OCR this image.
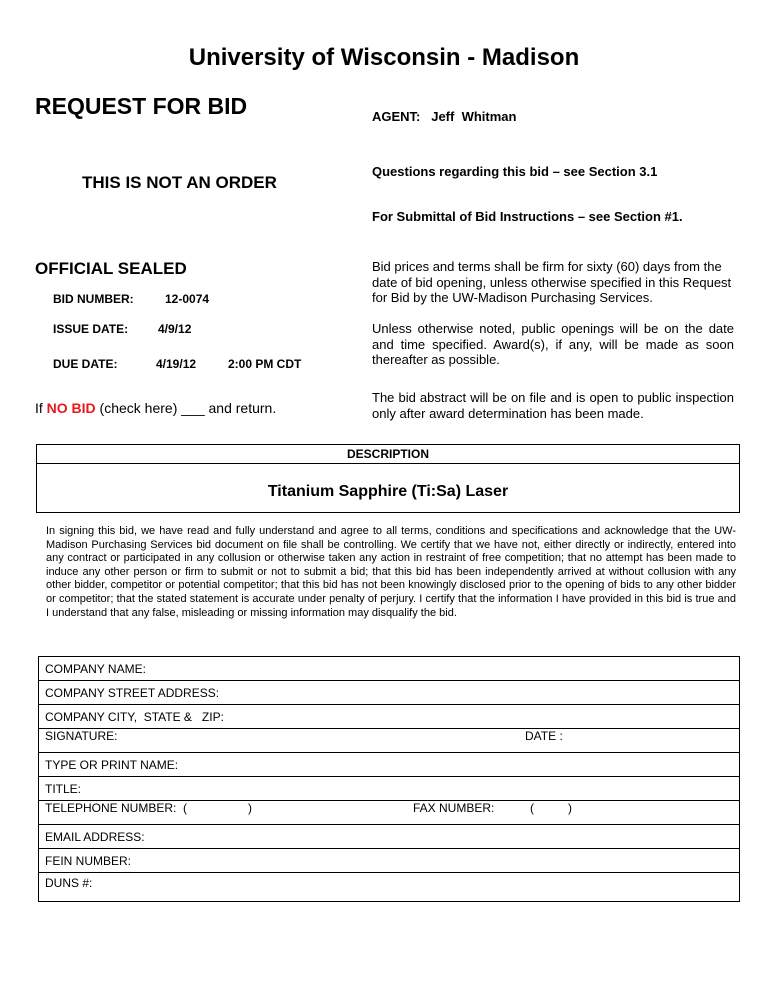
University of Wisconsin - Madison
REQUEST FOR BID	AGENT:   Jeff  Whitman
THIS IS NOT AN ORDER
Questions regarding this bid – see Section 3.1
For Submittal of Bid Instructions – see Section #1.
OFFICIAL SEALED
BID NUMBER:	12-0074
ISSUE DATE: 4/9/12
DUE DATE:	4/19/12	2:00 PM CDT
If NO BID (check here) ___ and return.
Bid prices and terms shall be firm for sixty (60) days from the date of bid opening, unless otherwise specified in this Request for Bid by the UW-Madison Purchasing Services.
Unless otherwise noted, public openings will be on the date and time specified. Award(s), if any, will be made as soon thereafter as possible.
The bid abstract will be on file and is open to public inspection only after award determination has been made.
DESCRIPTION
Titanium Sapphire (Ti:Sa) Laser
In signing this bid, we have read and fully understand and agree to all terms, conditions and specifications and acknowledge that the UW-Madison Purchasing Services bid document on file shall be controlling. We certify that we have not, either directly or indirectly, entered into any contract or participated in any collusion or otherwise taken any action in restraint of free competition; that no attempt has been made to induce any other person or firm to submit or not to submit a bid; that this bid has been independently arrived at without collusion with any other bidder, competitor or potential competitor; that this bid has not been knowingly disclosed prior to the opening of bids to any other bidder or competitor; that the stated statement is accurate under penalty of perjury. I certify that the information I have provided in this bid is true and I understand that any false, misleading or missing information may disqualify the bid.
COMPANY NAME:
COMPANY STREET ADDRESS:
COMPANY CITY,  STATE &   ZIP:

SIGNATURE:	DATE :

TYPE OR PRINT NAME:
TITLE:

TELEPHONE NUMBER:  (	)	FAX NUMBER:	(	)

EMAIL ADDRESS:
FEIN NUMBER:
DUNS #:
